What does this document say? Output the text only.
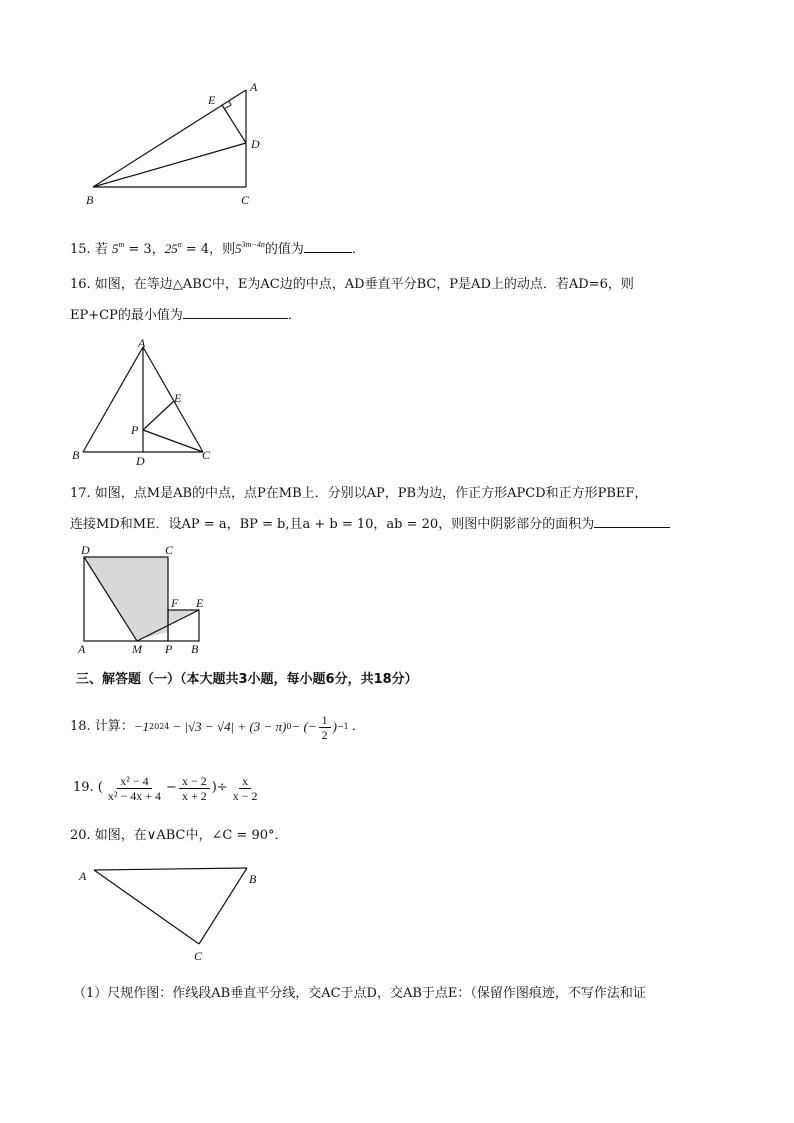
A
E
D
B	C
15. 若 $5^m = 3$，$25^n = 4$，则$5^{3m-4n}$的值为	．
16. 如图，在等边△ABC中，E为AC边的中点，AD垂直平分BC，P是AD上的动点．若AD=6，则
EP+CP的最小值为	．
A
E
P
B	D	C
17. 如图，点M是AB的中点，点P在MB上．分别以AP，PB为边，作正方形APCD和正方形PBEF，
连接MD和ME．设AP = a，BP = b,且a + b = 10，ab = 20，则图中阴影部分的面积为
D	C
F E
A	M P B
三、解答题（一）（本大题共3小题，每小题6分，共18分）
18. 计算： −1 2024 − |√3 − √4| + (3 − π) 0 − (− $\frac{1}{2}$ ) −1 ．
19. ( $\frac{\text{x² − 4}}{\text{x² − 4x + 4}} - \frac{x - 2}{x + 2}$ )÷ $\frac{x}{x - 2}$
20. 如图，在∨ABC中，∠C = 90°．
A	B
C
（1）尺规作图：作线段AB垂直平分线，交AC于点D，交AB于点E：（保留作图痕迹，不写作法和证
